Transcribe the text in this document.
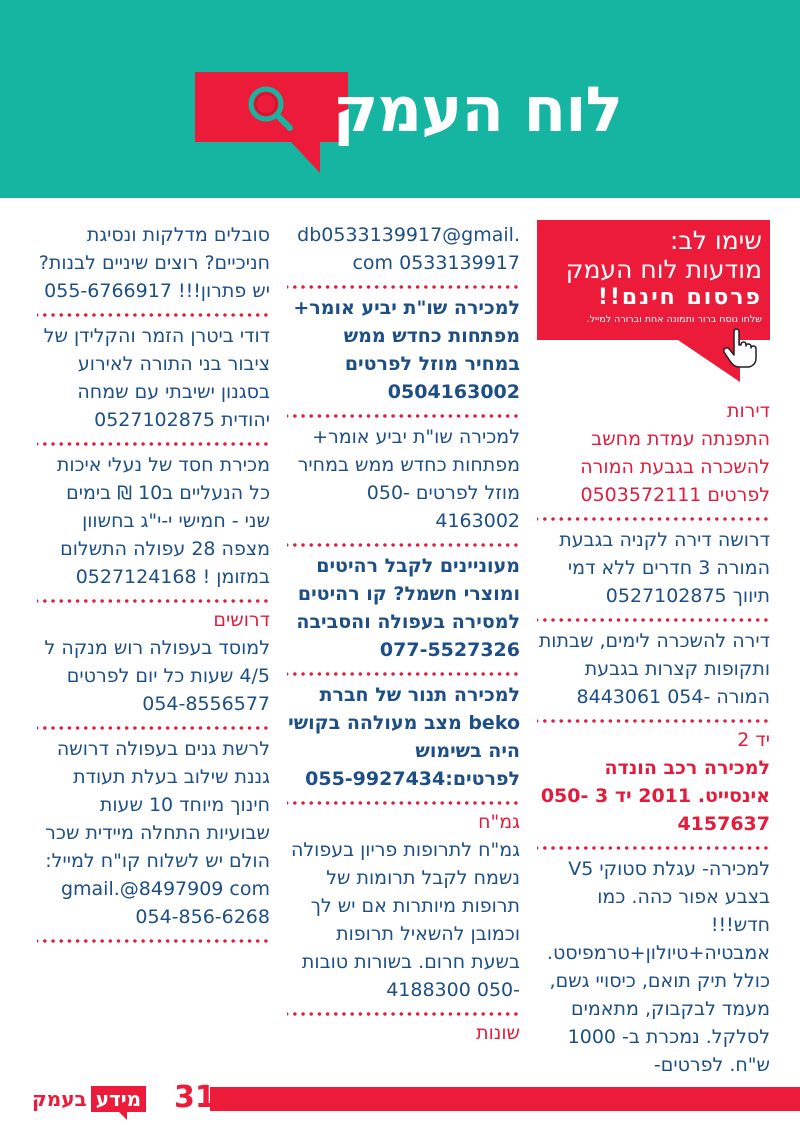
לוח העמק
שימו לב:
מודעות לוח העמק
פרסום חינם!!
שלחו נוסח ברור ותמונה אחת וברורה למייל.
דירות
התפנתה עמדת מחשב להשכרה בגבעת המורה לפרטים 0503572111
דרושה דירה לקניה בגבעת המורה 3 חדרים ללא דמי תיווך 0527102875
דירה להשכרה לימים, שבתות ותקופות קצרות בגבעת המורה -054 8443061
יד 2
למכירה רכב הונדה אינסייט. 2011 יד 3 050-4157637
למכירה- עגלת סטוקי V5 בצבע אפור כהה. כמו חדש!!! אמבטיה+טיולון+טרמפיסט. כולל תיק תואם, כיסויי גשם, מעמד לבקבוק, מתאמים לסלקל. נמכרת ב- 1000 ש"ח. לפרטים-
db0533139917@gmail.
com 0533139917
למכירה שו"ת יביע אומר+ מפתחות כחדש ממש במחיר מוזל לפרטים 0504163002
למכירה שו"ת יביע אומר+ מפתחות כחדש ממש במחיר מוזל לפרטים -050 4163002
מעוניינים לקבל רהיטים ומוצרי חשמל? קו רהיטים למסירה בעפולה והסביבה 077-5527326
למכירה תנור של חברת beko מצב מעולהה בקושי היה בשימוש לפרטים:055-9927434
גמ"ח
גמ"ח לתרופות פריון בעפולה נשמח לקבל תרומות של תרופות מיותרות אם יש לך וכמובן להשאיל תרופות בשעת חרום. בשורות טובות -050 4188300
שונות
סובלים מדלקות ונסיגת חניכיים? רוצים שיניים לבנות?יש פתרון!!! 055-6766917
דודי ביטרן הזמר והקלידן של ציבור בני התורה לאירוע בסגנון ישיבתי עם שמחה יהודית 0527102875
מכירת חסד של נעלי איכות כל הנעליים ב10 ₪ בימים שני - חמישי י-י"ג בחשוון מצפה 28 עפולה התשלום במזומן ! 0527124168
דרושים
למוסד בעפולה רוש מנקה ל 4/5 שעות כל יום לפרטים 054-8556577
לרשת גנים בעפולה דרושה גננת שילוב בעלת תעודת חינוך מיוחד 10 שעות שבועיות התחלה מיידית שכר הולם יש לשלוח קו"ח למייל: gmail.@8497909 com 054-856-6268
31
מידע
בעמק
